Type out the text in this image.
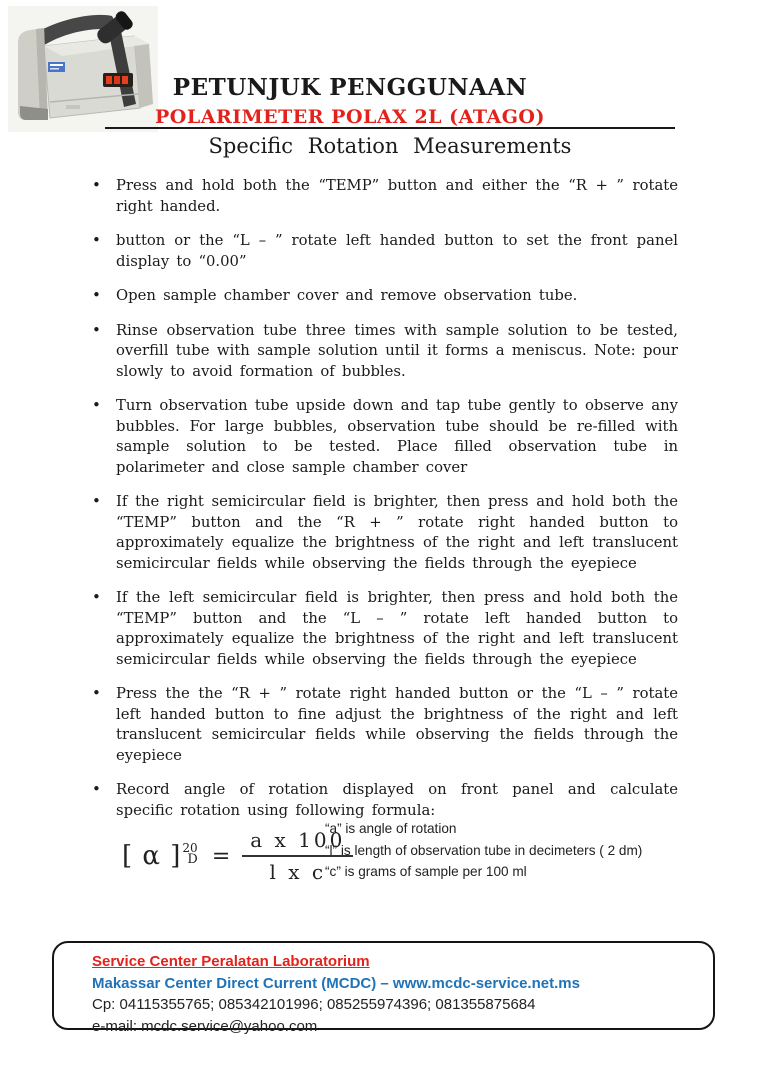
PETUNJUK PENGGUNAAN
POLARIMETER POLAX 2L (ATAGO)
Specific Rotation Measurements
• Press and hold both the “TEMP” button and either the “R + ” rotate right handed.
• button or the “L – ” rotate left handed button to set the front panel display to “0.00”
• Open sample chamber cover and remove observation tube.
• Rinse observation tube three times with sample solution to be tested, overfill tube with sample solution until it forms a meniscus. Note: pour slowly to avoid formation of bubbles.
• Turn observation tube upside down and tap tube gently to observe any bubbles. For large bubbles, observation tube should be re-filled with sample solution to be tested. Place filled observation tube in polarimeter and close sample chamber cover
• If the right semicircular field is brighter, then press and hold both the “TEMP” button and the “R + ” rotate right handed button to approximately equalize the brightness of the right and left translucent semicircular fields while observing the fields through the eyepiece
• If the left semicircular field is brighter, then press and hold both the “TEMP” button and the “L – ” rotate left handed button to approximately equalize the brightness of the right and left translucent semicircular fields while observing the fields through the eyepiece
• Press the the “R + ” rotate right handed button or the “L – ” rotate left handed button to fine adjust the brightness of the right and left translucent semicircular fields while observing the fields through the eyepiece
• Record angle of rotation displayed on front panel and calculate specific rotation using following formula:
[ α ] 20
$D = \frac{\text{a x 100}}{\text{l x c}}$
“a” is angle of rotation
“l” is length of observation tube in decimeters ( 2 dm)
“c” is grams of sample per 100 ml
Service Center Peralatan Laboratorium
Makassar Center Direct Current (MCDC) – www.mcdc-service.net.ms
Cp: 04115355765; 085342101996; 085255974396; 081355875684
e-mail: mcdc.service@yahoo.com
